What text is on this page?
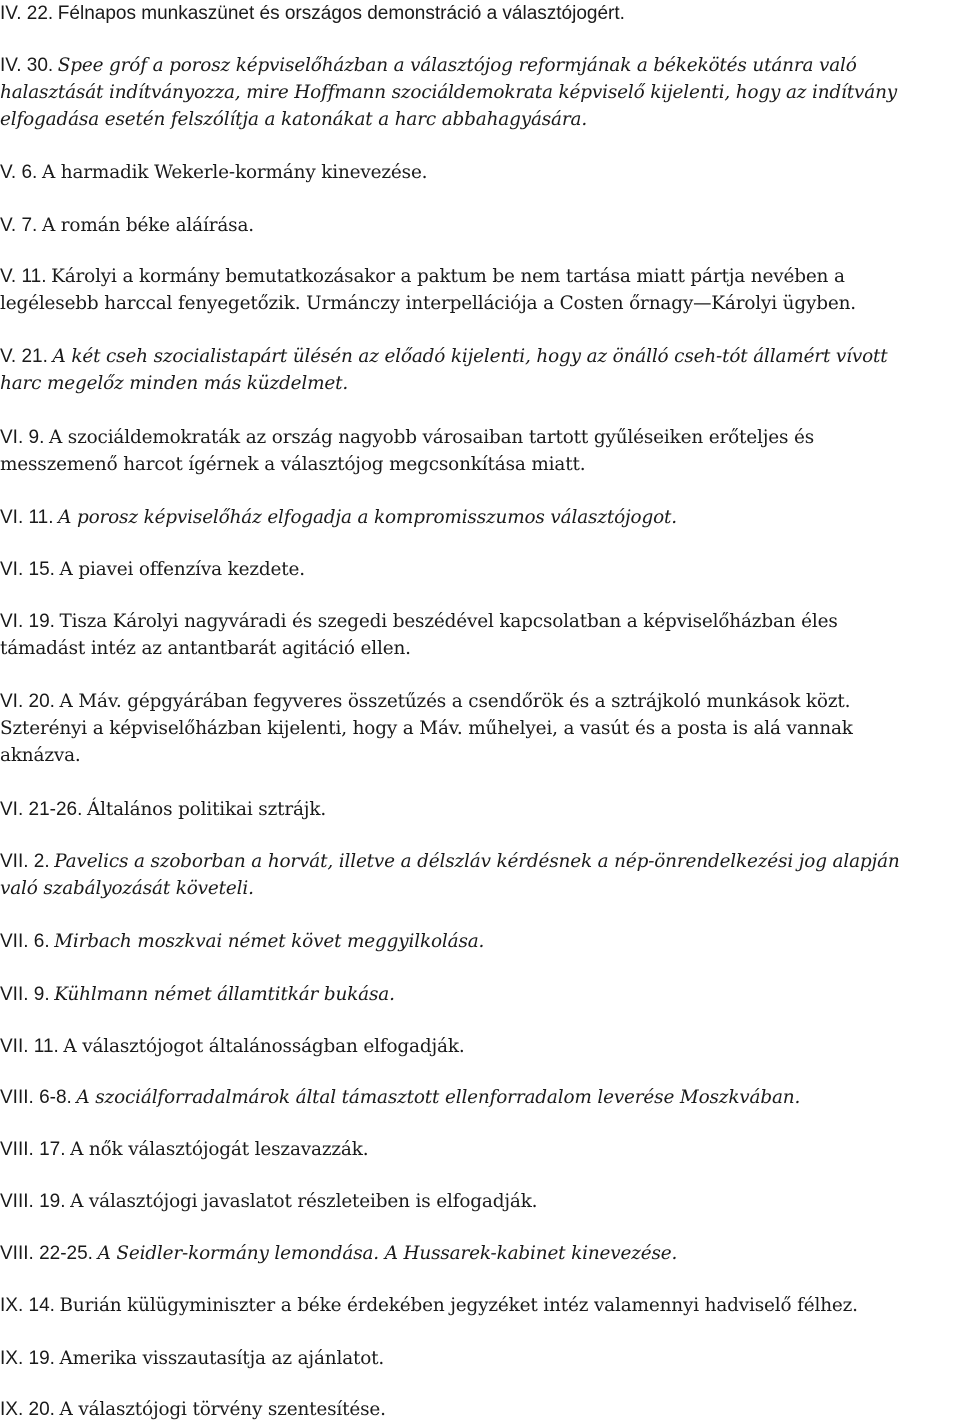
IV. 22. Félnapos munkaszünet és országos demonstráció a választójogért.
IV. 30. Spee gróf a porosz képviselőházban a választójog reformjának a békekötés utánra való
halasztását indítványozza, mire Hoffmann szociáldemokrata képviselő kijelenti, hogy az indítvány
elfogadása esetén felszólítja a katonákat a harc abbahagyására.
V. 6. A harmadik Wekerle-kormány kinevezése.
V. 7. A román béke aláírása.
V. 11. Károlyi a kormány bemutatkozásakor a paktum be nem tartása miatt pártja nevében a
legélesebb harccal fenyegetőzik. Urmánczy interpellációja a Costen őrnagy—Károlyi ügyben.
V. 21. A két cseh szocialistapárt ülésén az előadó kijelenti, hogy az önálló cseh-tót államért vívott
harc megelőz minden más küzdelmet.
VI. 9. A szociáldemokraták az ország nagyobb városaiban tartott gyűléseiken erőteljes és
messzemenő harcot ígérnek a választójog megcsonkítása miatt.
VI. 11. A porosz képviselőház elfogadja a kompromisszumos választójogot.
VI. 15. A piavei offenzíva kezdete.
VI. 19. Tisza Károlyi nagyváradi és szegedi beszédével kapcsolatban a képviselőházban éles
támadást intéz az antantbarát agitáció ellen.
VI. 20. A Máv. gépgyárában fegyveres összetűzés a csendőrök és a sztrájkoló munkások közt.
Szterényi a képviselőházban kijelenti, hogy a Máv. műhelyei, a vasút és a posta is alá vannak
aknázva.
VI. 21-26. Általános politikai sztrájk.
VII. 2. Pavelics a szoborban a horvát, illetve a délszláv kérdésnek a nép-önrendelkezési jog alapján
való szabályozását követeli.
VII. 6. Mirbach moszkvai német követ meggyilkolása.
VII. 9. Kühlmann német államtitkár bukása.
VII. 11. A választójogot általánosságban elfogadják.
VIII. 6-8. A szociálforradalmárok által támasztott ellenforradalom leverése Moszkvában.
VIII. 17. A nők választójogát leszavazzák.
VIII. 19. A választójogi javaslatot részleteiben is elfogadják.
VIII. 22-25. A Seidler-kormány lemondása. A Hussarek-kabinet kinevezése.
IX. 14. Burián külügyminiszter a béke érdekében jegyzéket intéz valamennyi hadviselő félhez.
IX. 19. Amerika visszautasítja az ajánlatot.
IX. 20. A választójogi törvény szentesítése.
